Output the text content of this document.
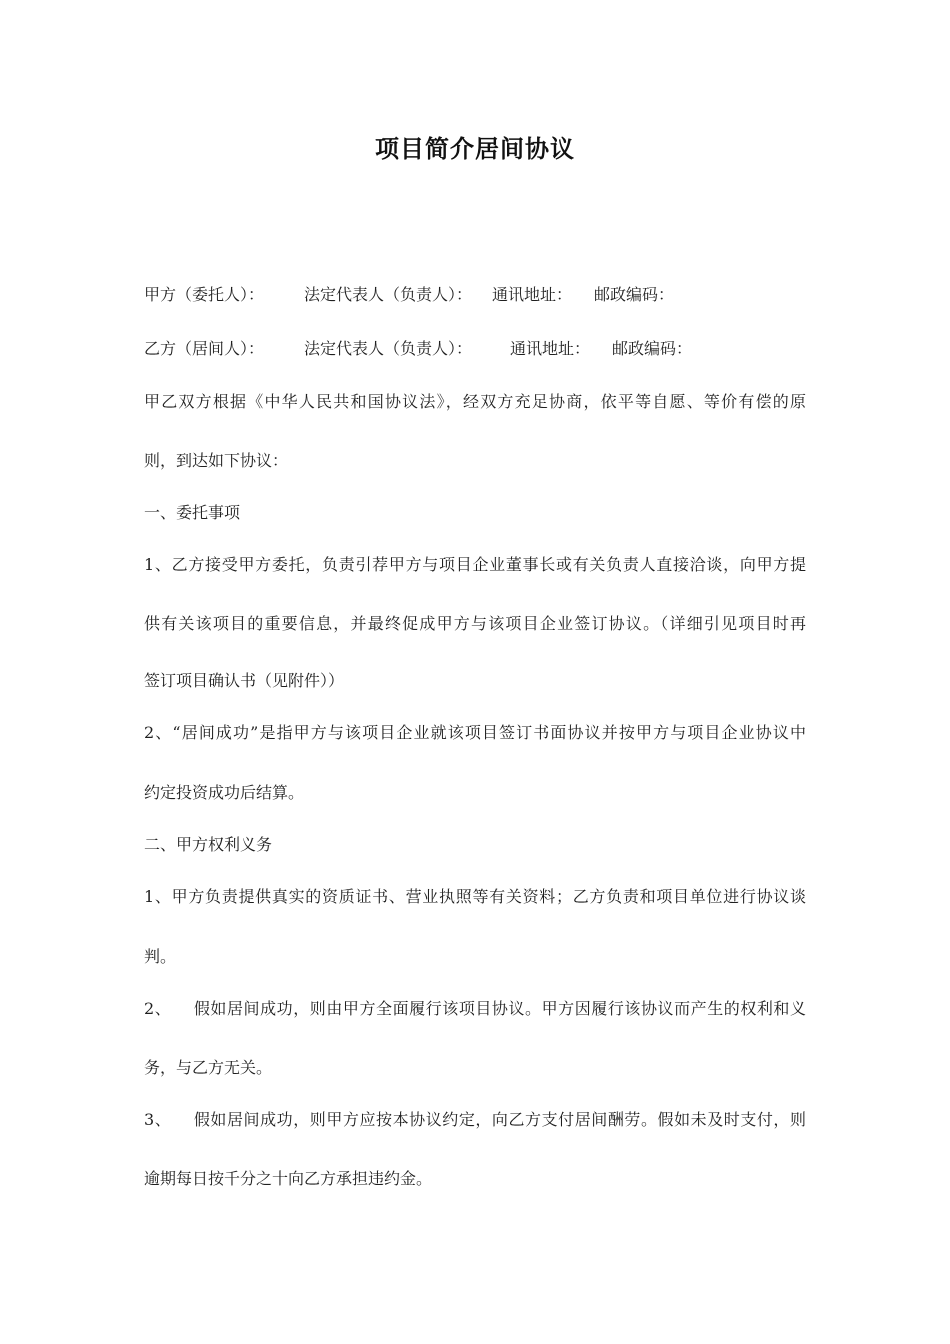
项目简介居间协议
甲方（委托人）：	法定代表人（负责人）： 通讯地址： 邮政编码：
乙方（居间人）：	法定代表人（负责人）： 通讯地址： 邮政编码：
甲乙双方根据《中华人民共和国协议法》，经双方充足协商，依平等自愿、等价有偿的原
则，到达如下协议：
一、委托事项
1、乙方接受甲方委托，负责引荐甲方与项目企业董事长或有关负责人直接洽谈，向甲方提
供有关该项目的重要信息，并最终促成甲方与该项目企业签订协议。（详细引见项目时再
签订项目确认书（见附件））
2、“居间成功”是指甲方与该项目企业就该项目签订书面协议并按甲方与项目企业协议中
约定投资成功后结算。
二、甲方权利义务
1、甲方负责提供真实的资质证书、营业执照等有关资料；乙方负责和项目单位进行协议谈
判。
2、    假如居间成功，则由甲方全面履行该项目协议。甲方因履行该协议而产生的权利和义
务，与乙方无关。
3、    假如居间成功，则甲方应按本协议约定，向乙方支付居间酬劳。假如未及时支付，则
逾期每日按千分之十向乙方承担违约金。
